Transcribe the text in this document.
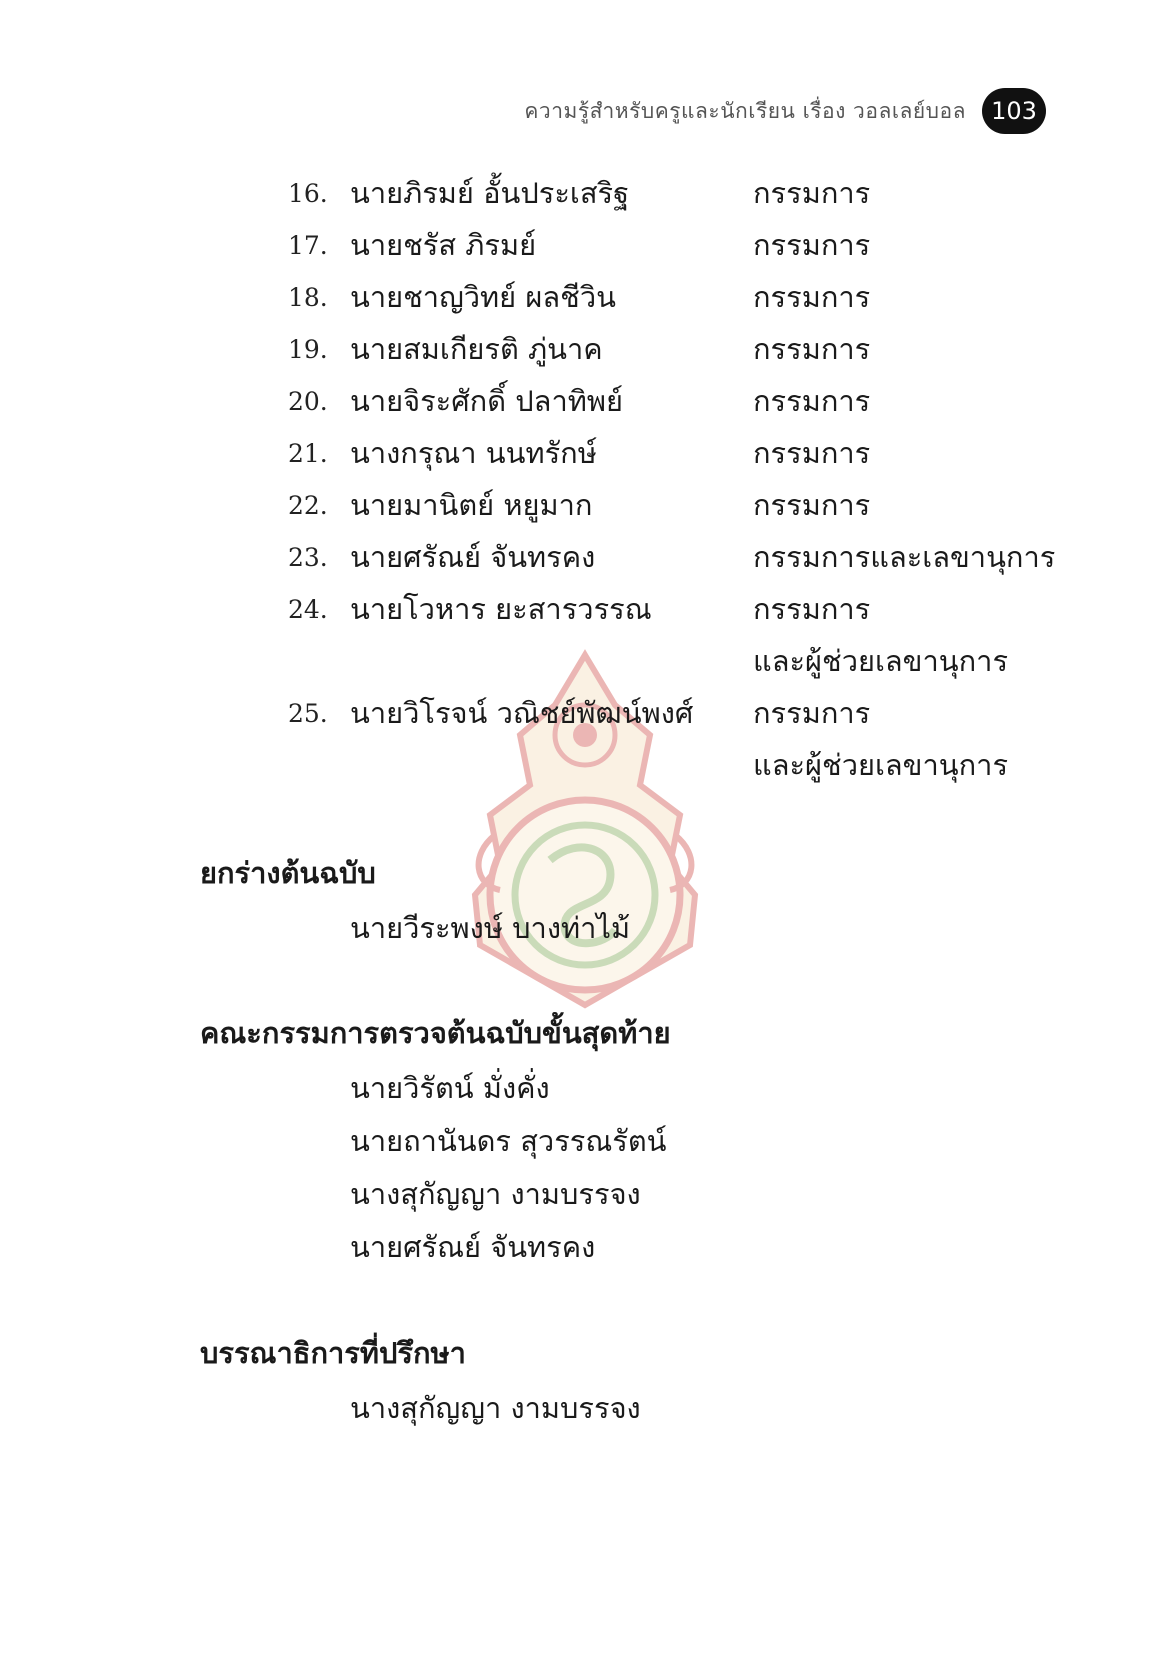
ความรู้สำหรับครูและนักเรียน เรื่อง วอลเลย์บอล	103
16. นายภิรมย์ อั้นประเสริฐ	กรรมการ
17. นายชรัส ภิรมย์	กรรมการ
18. นายชาญวิทย์ ผลชีวิน	กรรมการ
19. นายสมเกียรติ ภู่นาค	กรรมการ
20. นายจิระศักดิ์ ปลาทิพย์	กรรมการ
21. นางกรุณา นนทรักษ์	กรรมการ
22. นายมานิตย์ หยูมาก	กรรมการ
23. นายศรัณย์ จันทรคง	กรรมการและเลขานุการ
24. นายโวหาร ยะสารวรรณ	กรรมการ
และผู้ช่วยเลขานุการ
25. นายวิโรจน์ วณิชย์พัฒน์พงศ์	กรรมการ
และผู้ช่วยเลขานุการ
ยกร่างต้นฉบับ
นายวีระพงษ์ บางท่าไม้
คณะกรรมการตรวจต้นฉบับขั้นสุดท้าย
นายวิรัตน์ มั่งคั่ง
นายถานันดร สุวรรณรัตน์
นางสุกัญญา งามบรรจง
นายศรัณย์ จันทรคง
บรรณาธิการที่ปรึกษา
นางสุกัญญา งามบรรจง
